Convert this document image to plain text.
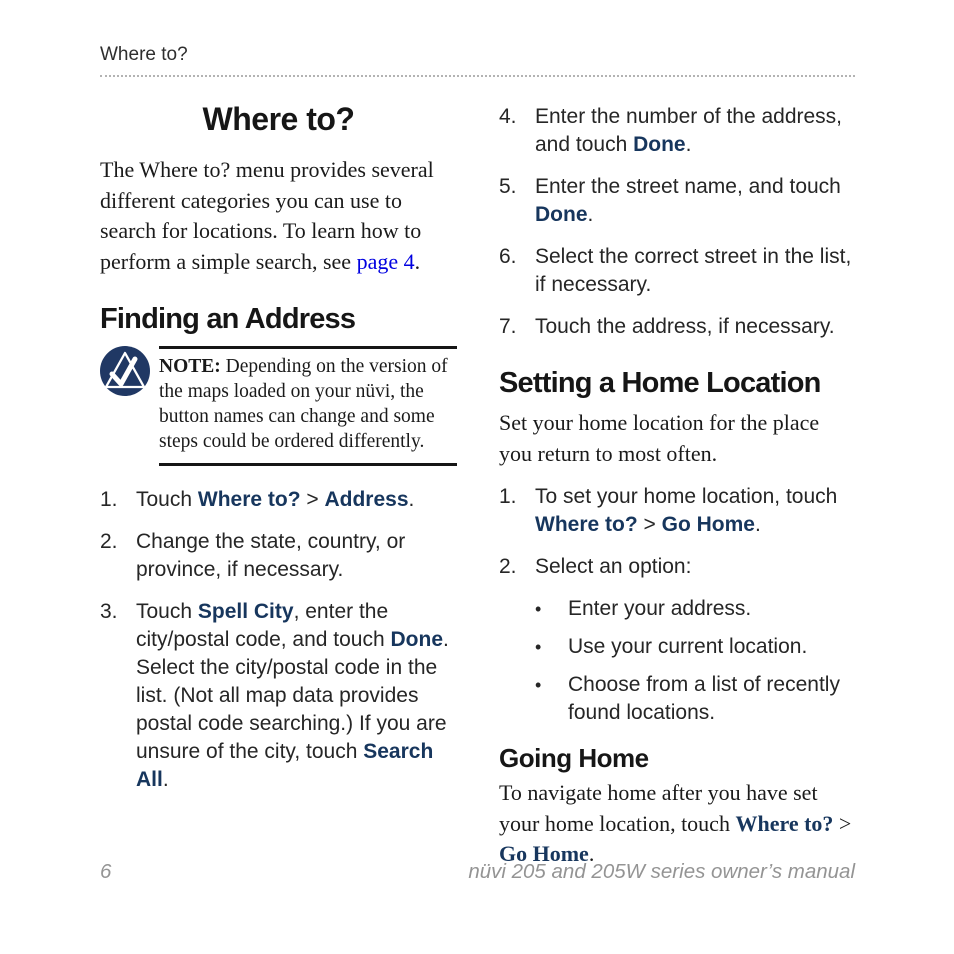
Where to?
Where to?

The Where to? menu provides several different categories you can use to search for locations. To learn how to perform a simple search, see page 4.

Finding an Address
NOTE: Depending on the version of the maps loaded on your nüvi, the button names can change and some steps could be ordered differently.
1. Touch Where to? > Address.
2. Change the state, country, or province, if necessary.
3. Touch Spell City, enter the city/postal code, and touch Done. Select the city/postal code in the list. (Not all map data provides postal code searching.) If you are unsure of the city, touch Search All.
4. Enter the number of the address, and touch Done.
5. Enter the street name, and touch Done.
6. Select the correct street in the list, if necessary.
7. Touch the address, if necessary.
Setting a Home Location

Set your home location for the place you return to most often.

1. To set your home location, touch Where to? > Go Home.
2. Select an option:
•	Enter your address.
•	Use your current location.
•	Choose from a list of recently found locations.
Going Home

To navigate home after you have set your home location, touch Where to? > Go Home.

6	nüvi 205 and 205W series owner’s manual
